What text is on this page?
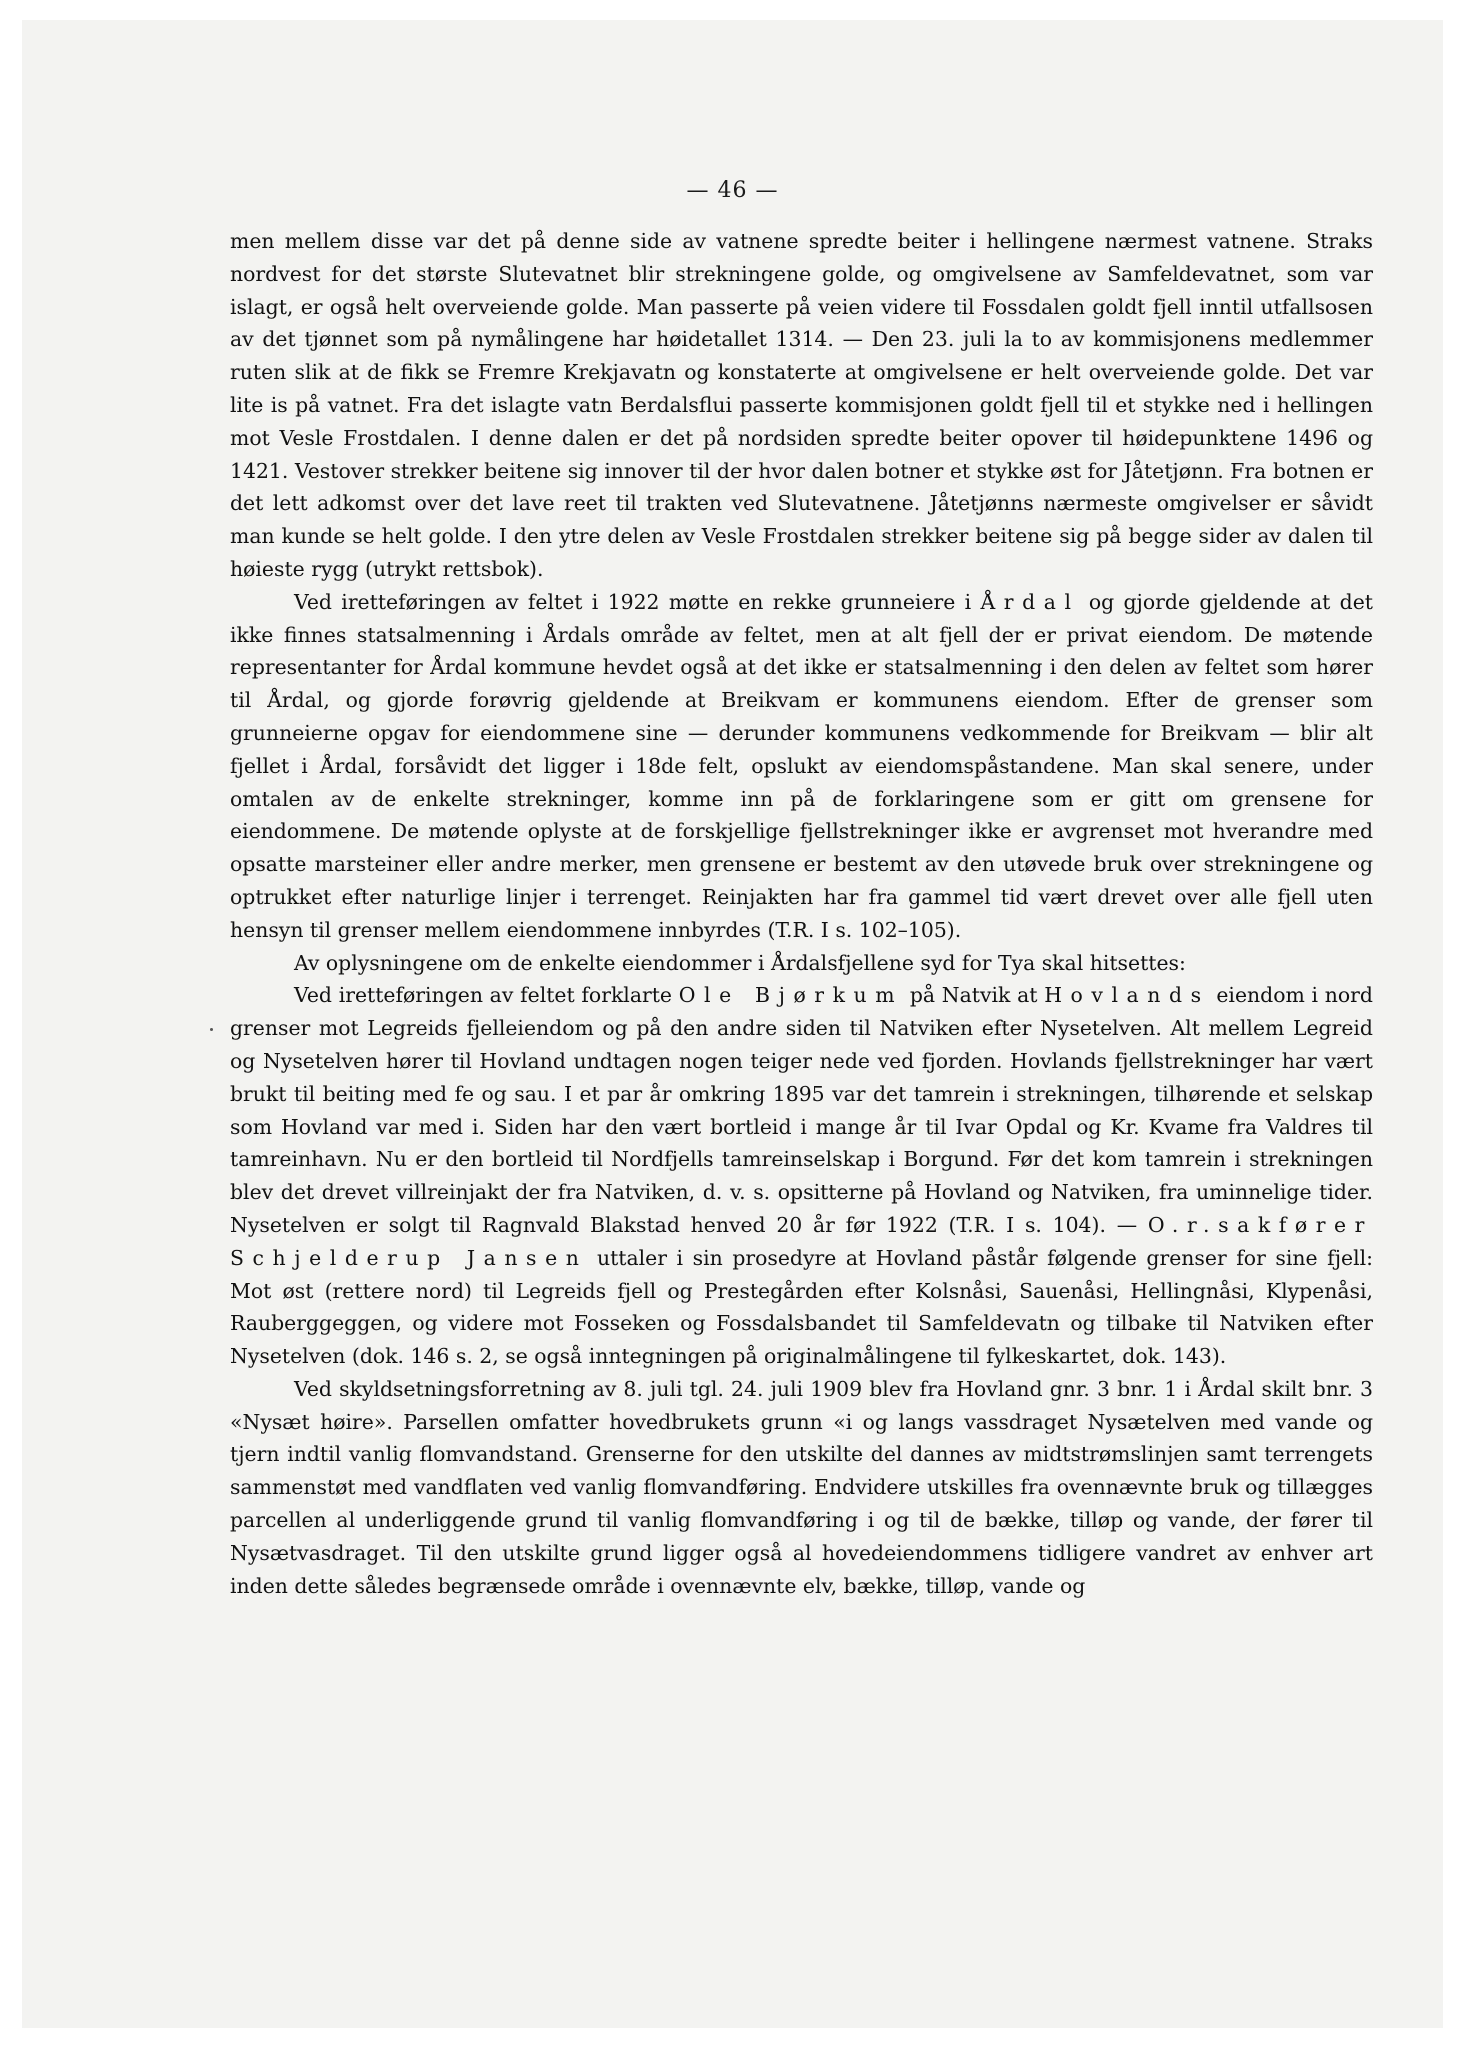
— 46 —

men mellem disse var det på denne side av vatnene spredte beiter i hellingene nærmest vatnene. Straks nordvest for det største Slutevatnet blir strekningene golde, og omgivelsene av Samfeldevatnet, som var islagt, er også helt overveiende golde. Man passerte på veien videre til Fossdalen goldt fjell inntil utfallsosen av det tjønnet som på nymålingene har høidetallet 1314. — Den 23. juli la to av kommisjonens medlemmer ruten slik at de fikk se Fremre Krekjavatn og konstaterte at omgivelsene er helt overveiende golde. Det var lite is på vatnet. Fra det islagte vatn Berdalsflui passerte kommisjonen goldt fjell til et stykke ned i hellingen mot Vesle Frostdalen. I denne dalen er det på nordsiden spredte beiter opover til høidepunktene 1496 og 1421. Vestover strekker beitene sig innover til der hvor dalen botner et stykke øst for Jåtetjønn. Fra botnen er det lett adkomst over det lave reet til trakten ved Slutevatnene. Jåtetjønns nærmeste omgivelser er såvidt man kunde se helt golde. I den ytre delen av Vesle Frostdalen strekker beitene sig på begge sider av dalen til høieste rygg (utrykt rettsbok).

Ved iretteføringen av feltet i 1922 møtte en rekke grunneiere i Årdal og gjorde gjeldende at det ikke finnes statsalmenning i Årdals område av feltet, men at alt fjell der er privat eiendom. De møtende representanter for Årdal kommune hevdet også at det ikke er statsalmenning i den delen av feltet som hører til Årdal, og gjorde forøvrig gjeldende at Breikvam er kommunens eiendom. Efter de grenser som grunneierne opgav for eiendommene sine — derunder kommunens vedkommende for Breikvam — blir alt fjellet i Årdal, forsåvidt det ligger i 18de felt, opslukt av eiendomspåstandene. Man skal senere, under omtalen av de enkelte strekninger, komme inn på de forklaringene som er gitt om grensene for eiendommene. De møtende oplyste at de forskjellige fjellstrekninger ikke er avgrenset mot hverandre med opsatte marsteiner eller andre merker, men grensene er bestemt av den utøvede bruk over strekningene og optrukket efter naturlige linjer i terrenget. Reinjakten har fra gammel tid vært drevet over alle fjell uten hensyn til grenser mellem eiendommene innbyrdes (T.R. I s. 102–105).

Av oplysningene om de enkelte eiendommer i Årdalsfjellene syd for Tya skal hitsettes:

Ved iretteføringen av feltet forklarte Ole Bjørkum på Natvik at Hovlands eiendom i nord grenser mot Legreids fjelleiendom og på den andre siden til Natviken efter Nysetelven. Alt mellem Legreid og Nysetelven hører til Hovland undtagen nogen teiger nede ved fjorden. Hovlands fjellstrekninger har vært brukt til beiting med fe og sau. I et par år omkring 1895 var det tamrein i strekningen, tilhørende et selskap som Hovland var med i. Siden har den vært bortleid i mange år til Ivar Opdal og Kr. Kvame fra Valdres til tamreinhavn. Nu er den bortleid til Nordfjells tamreinselskap i Borgund. Før det kom tamrein i strekningen blev det drevet villreinjakt der fra Natviken, d. v. s. opsitterne på Hovland og Natviken, fra uminnelige tider. Nysetelven er solgt til Ragnvald Blakstad henved 20 år før 1922 (T.R. I s. 104). — O.r.sakfører Schjelderup Jansen uttaler i sin prosedyre at Hovland påstår følgende grenser for sine fjell: Mot øst (rettere nord) til Legreids fjell og Prestegården efter Kolsnåsi, Sauenåsi, Hellingnåsi, Klypenåsi, Rauberggeggen, og videre mot Fosseken og Fossdalsbandet til Samfeldevatn og tilbake til Natviken efter Nysetelven (dok. 146 s. 2, se også inntegningen på originalmålingene til fylkeskartet, dok. 143).

Ved skyldsetningsforretning av 8. juli tgl. 24. juli 1909 blev fra Hovland gnr. 3 bnr. 1 i Årdal skilt bnr. 3 «Nysæt høire». Parsellen omfatter hovedbrukets grunn «i og langs vassdraget Nysætelven med vande og tjern indtil vanlig flomvandstand. Grenserne for den utskilte del dannes av midtstrømslinjen samt terrengets sammenstøt med vandflaten ved vanlig flomvandføring. Endvidere utskilles fra ovennævnte bruk og tillægges parcellen al underliggende grund til vanlig flomvandføring i og til de bække, tilløp og vande, der fører til Nysætvasdraget. Til den utskilte grund ligger også al hovedeiendommens tidligere vandret av enhver art inden dette således begrænsede område i ovennævnte elv, bække, tilløp, vande og
